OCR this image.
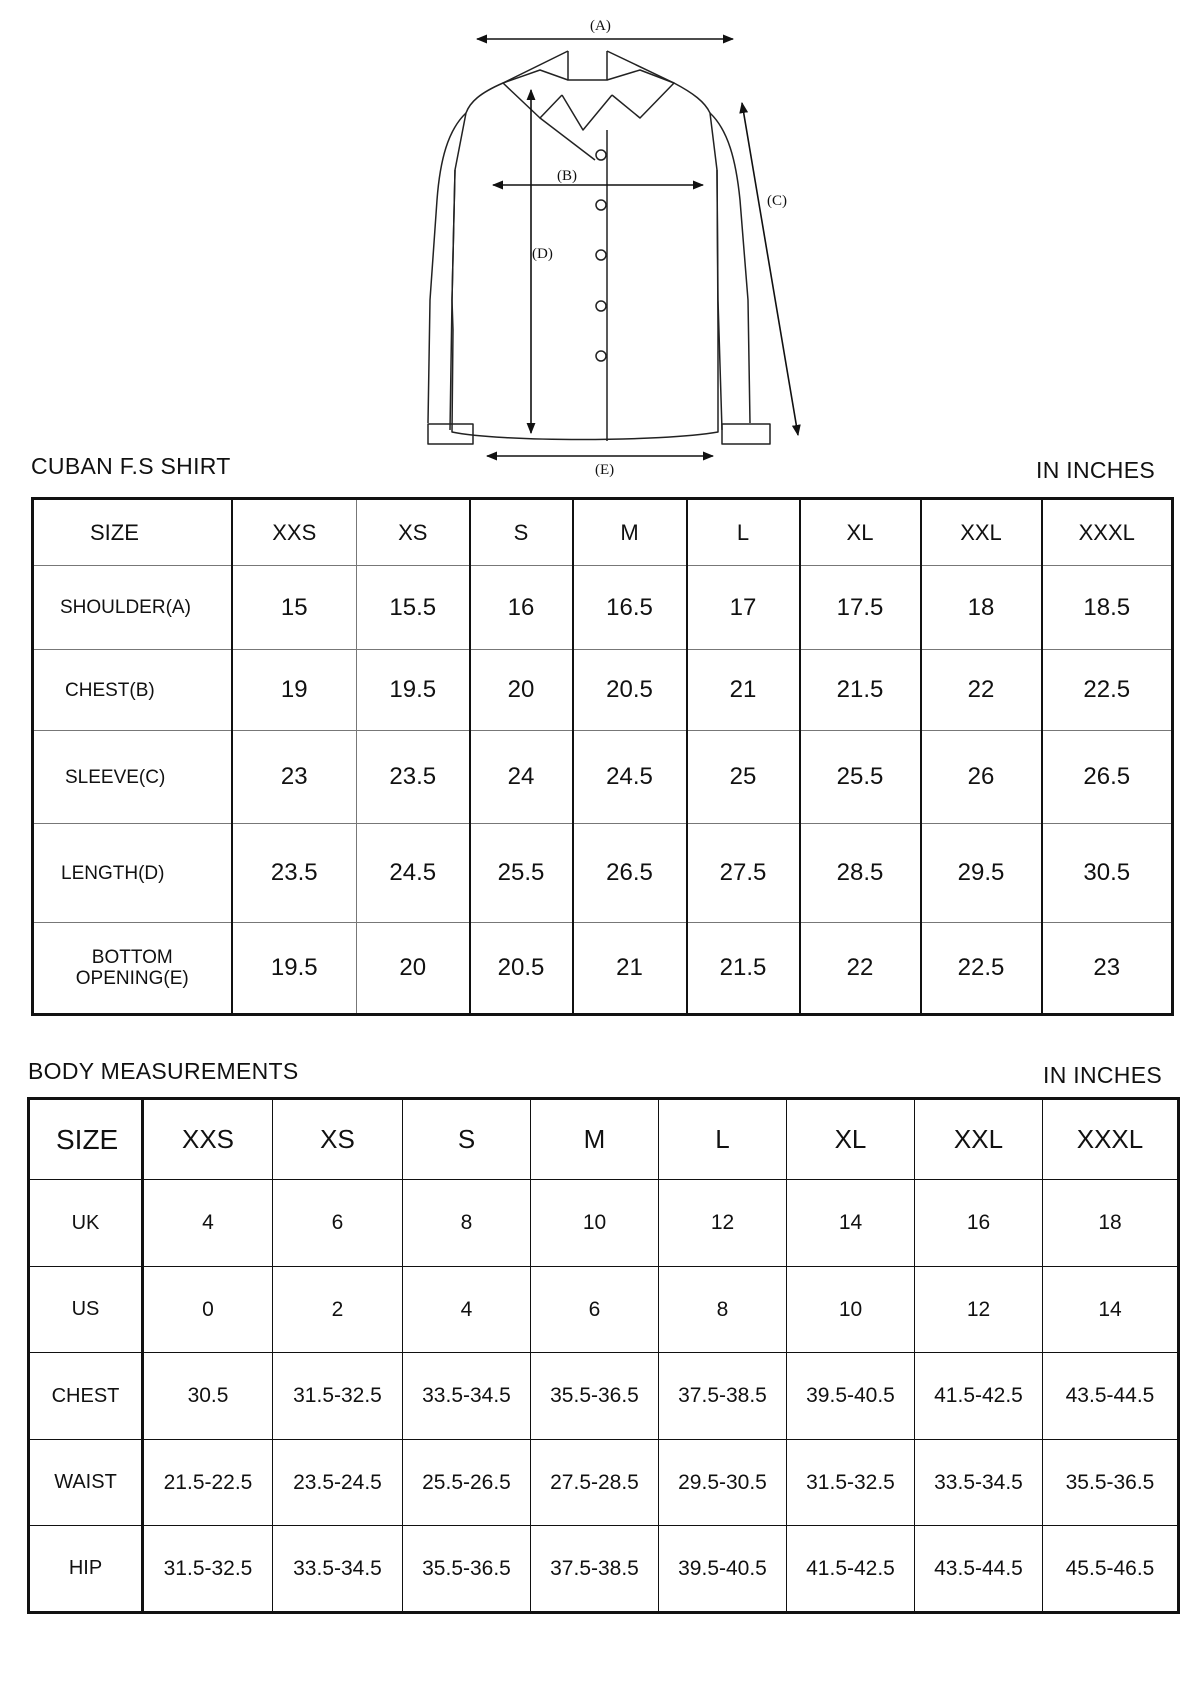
(A)
(B)
(C)
(D)
(E)
CUBAN F.S SHIRT	IN INCHES
SIZE	XXS	XS	S	M	L	XL	XXL	XXXL
SHOULDER(A)	15	15.5	16	16.5	17	17.5	18	18.5
CHEST(B)	19	19.5	20	20.5	21	21.5	22	22.5
SLEEVE(C)	23	23.5	24	24.5	25	25.5	26	26.5
LENGTH(D)	23.5	24.5	25.5	26.5	27.5	28.5	29.5	30.5

BOTTOM
OPENING(E)	19.5	20	20.5	21	21.5	22	22.5	23
BODY MEASUREMENTS	IN INCHES
SIZE	XXS	XS	S	M	L	XL	XXL	XXXL
UK	4	6	8	10	12	14	16	18
US	0	2	4	6	8	10	12	14
CHEST	30.5	31.5-32.5	33.5-34.5	35.5-36.5	37.5-38.5	39.5-40.5	41.5-42.5	43.5-44.5
WAIST	21.5-22.5	23.5-24.5	25.5-26.5	27.5-28.5	29.5-30.5	31.5-32.5	33.5-34.5	35.5-36.5
HIP	31.5-32.5	33.5-34.5	35.5-36.5	37.5-38.5	39.5-40.5	41.5-42.5	43.5-44.5	45.5-46.5
